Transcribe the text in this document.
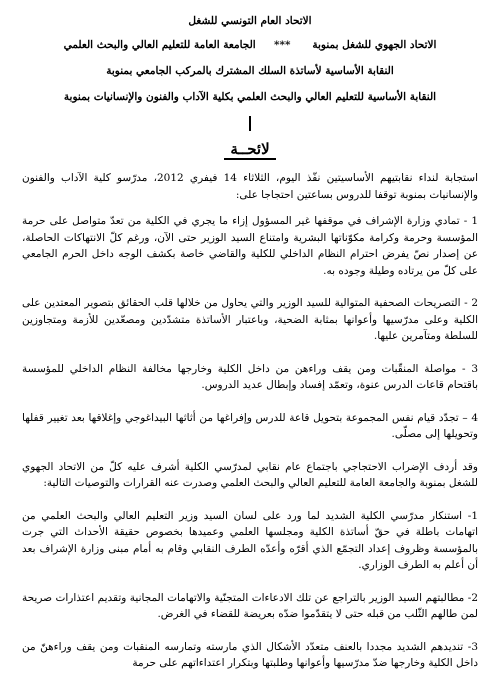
الاتحاد العام التونسي للشغل
الاتحاد الجهوي للشغل بمنوبة      ***     الجامعة العامة للتعليم العالي والبحث العلمي
النقابة الأساسية لأساتذة السلك المشترك بالمركب الجامعي بمنوبة
النقابة الأساسية للتعليم العالي والبحث العلمي بكلية الآداب والفنون والإنسانيات بمنوبة
لائحــة

استجابة لنداء نقابتيهم الأساسيتين نفّذ اليوم، الثلاثاء 14 فيفري 2012، مدرّسو كلية الآداب والفنون والإنسانيات بمنوبة توقفا للدروس بساعتين احتجاجا على:

1 - تمادي وزارة الإشراف في موقفها غير المسؤول إزاء ما يجري في الكلية من تعدّ متواصل على حرمة المؤسسة وحرمة وكرامة مكوّناتها البشرية وامتناع السيد الوزير حتى الآن، ورغم كلّ الانتهاكات الحاصلة، عن إصدار نصّ يفرض احترام النظام الداخلي للكلية والقاضي خاصة بكشف الوجه داخل الحرم الجامعي على كلّ من يرتاده وطيلة وجوده به.

2 - التصريحات الصحفية المتوالية للسيد الوزير والتي يحاول من خلالها قلب الحقائق بتصوير المعتدين على الكلية وعلى مدرّسيها وأعوانها بمثابة الضحية، وباعتبار الأساتذة متشدّدين ومصعّدين للأزمة ومتجاوزين للسلطة ومتآمرين عليها.

3 - مواصلة المنقّبات ومن يقف وراءهن من داخل الكلية وخارجها مخالفة النظام الداخلي للمؤسسة باقتحام قاعات الدرس عنوة، وتعمّد إفساد وإبطال عديد الدروس.

4 – تجدّد قيام نفس المجموعة بتحويل قاعة للدرس وإفراغها من أثاثها البيداغوجي وإغلاقها بعد تغيير قفلها وتحويلها إلى مصلّى.

وقد أردف الإضراب الاحتجاجي باجتماع عام نقابي لمدرّسي الكلية أشرف عليه كلّ من الاتحاد الجهوي للشغل بمنوبة والجامعة العامة للتعليم العالي والبحث العلمي وصدرت عنه القرارات والتوصيات التالية:

1- استنكار مدرّسي الكلية الشديد لما ورد على لسان السيد وزير التعليم العالي والبحث العلمي من اتهامات باطلة في حقّ أساتذة الكلية ومجلسها العلمي وعميدها بخصوص حقيقة الأحداث التي جرت بالمؤسسة وظروف إعداد التجمّع الذي أقرّه وأعدّه الطرف النقابي وقام به أمام مبنى وزارة الإشراف بعد أن أعلم به الطرف الوزاري.

2- مطالبتهم السيد الوزير بالتراجع عن تلك الادعاءات المتجنّية والاتهامات المجانية وتقديم اعتذارات صريحة لمن طالهم الثّلب من قبله حتى لا يتقدّموا ضدّه بعريضة للقضاء في الغرض.

3- تنديدهم الشديد مجددا بالعنف متعدّد الأشكال الذي مارسته وتمارسه المنقبات ومن يقف وراءهنّ من داخل الكلية وخارجها ضدّ مدرّسيها وأعوانها وطلبتها وبتكرار اعتداءاتهم على حرمة
